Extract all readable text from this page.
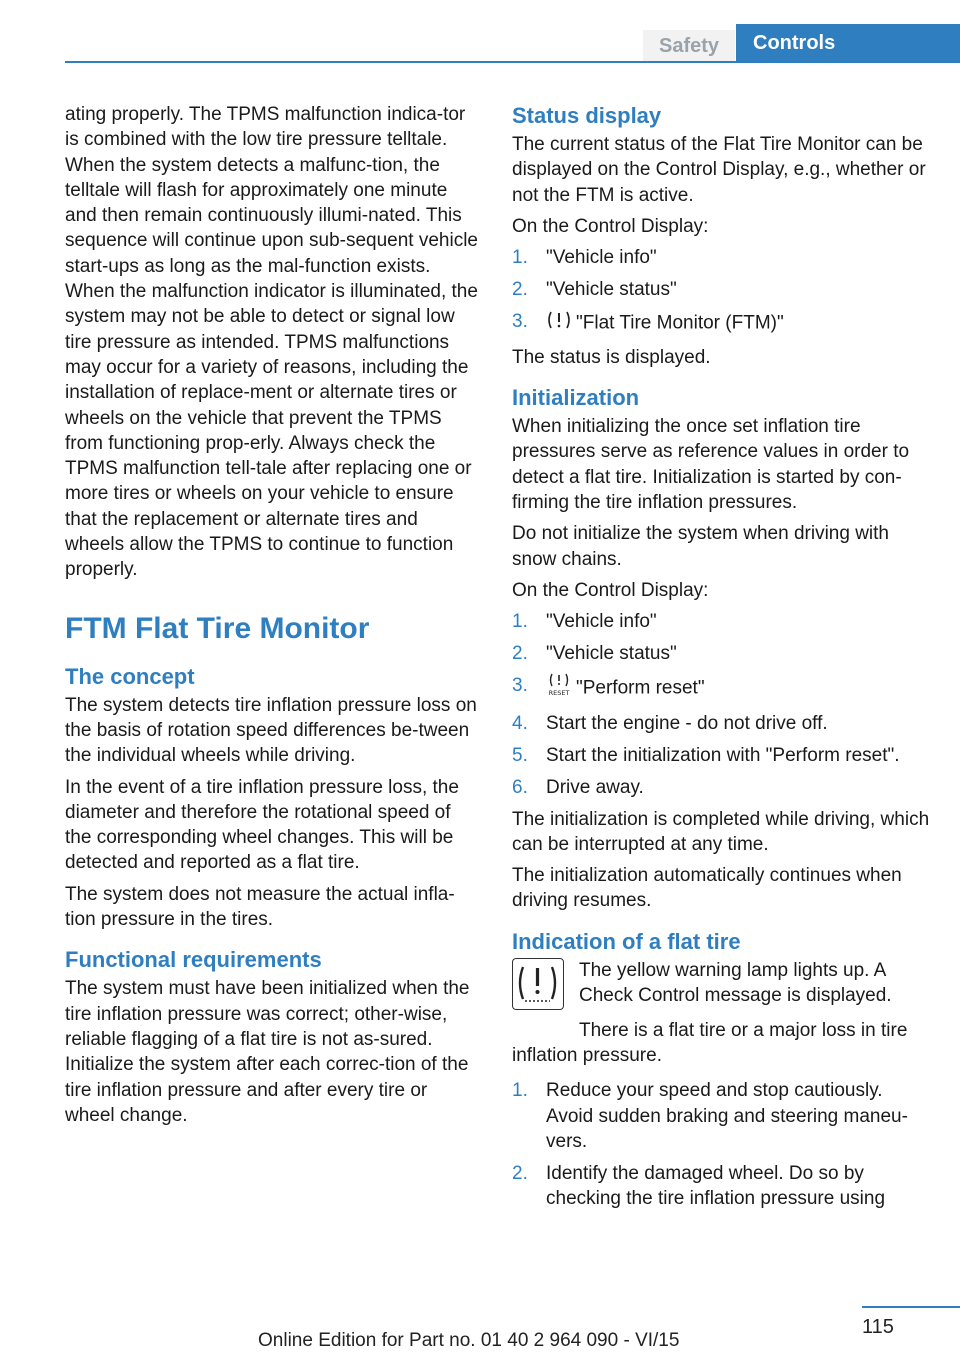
Safety	Controls

ating properly. The TPMS malfunction indica‐tor is combined with the low tire pressure telltale. When the system detects a malfunc‐tion, the telltale will flash for approximately one minute and then remain continuously illumi‐nated. This sequence will continue upon sub‐sequent vehicle start-ups as long as the mal‐function exists. When the malfunction indicator is illuminated, the system may not be able to detect or signal low tire pressure as intended. TPMS malfunctions may occur for a variety of reasons, including the installation of replace‐ment or alternate tires or wheels on the vehicle that prevent the TPMS from functioning prop‐erly. Always check the TPMS malfunction tell‐tale after replacing one or more tires or wheels on your vehicle to ensure that the replacement or alternate tires and wheels allow the TPMS to continue to function properly.

FTM Flat Tire Monitor
The concept

The system detects tire inflation pressure loss on the basis of rotation speed differences be‐tween the individual wheels while driving.

In the event of a tire inflation pressure loss, the diameter and therefore the rotational speed of the corresponding wheel changes. This will be detected and reported as a flat tire.

The system does not measure the actual infla‐tion pressure in the tires.

Functional requirements

The system must have been initialized when the tire inflation pressure was correct; other‐wise, reliable flagging of a flat tire is not as‐sured. Initialize the system after each correc‐tion of the tire inflation pressure and after every tire or wheel change.

Status display

The current status of the Flat Tire Monitor can be displayed on the Control Display, e.g., whether or not the FTM is active.

On the Control Display:

1. "Vehicle info"
2. "Vehicle status"
3.	"Flat Tire Monitor (FTM)"

The status is displayed.

Initialization

When initializing the once set inflation tire pressures serve as reference values in order to detect a flat tire. Initialization is started by con‐firming the tire inflation pressures.

Do not initialize the system when driving with snow chains.

On the Control Display:

1. "Vehicle info"
2. "Vehicle status"
3.	RESET "Perform reset"
4. Start the engine - do not drive off.
5. Start the initialization with "Perform reset".
6. Drive away.

The initialization is completed while driving, which can be interrupted at any time.

The initialization automatically continues when driving resumes.

Indication of a flat tire

The yellow warning lamp lights up. A Check Control message is displayed.

There is a flat tire or a major loss in tire inflation pressure.

1. Reduce your speed and stop cautiously. Avoid sudden braking and steering maneu‐vers.
2. Identify the damaged wheel. Do so by checking the tire inflation pressure using
115
Online Edition for Part no. 01 40 2 964 090 - VI/15
